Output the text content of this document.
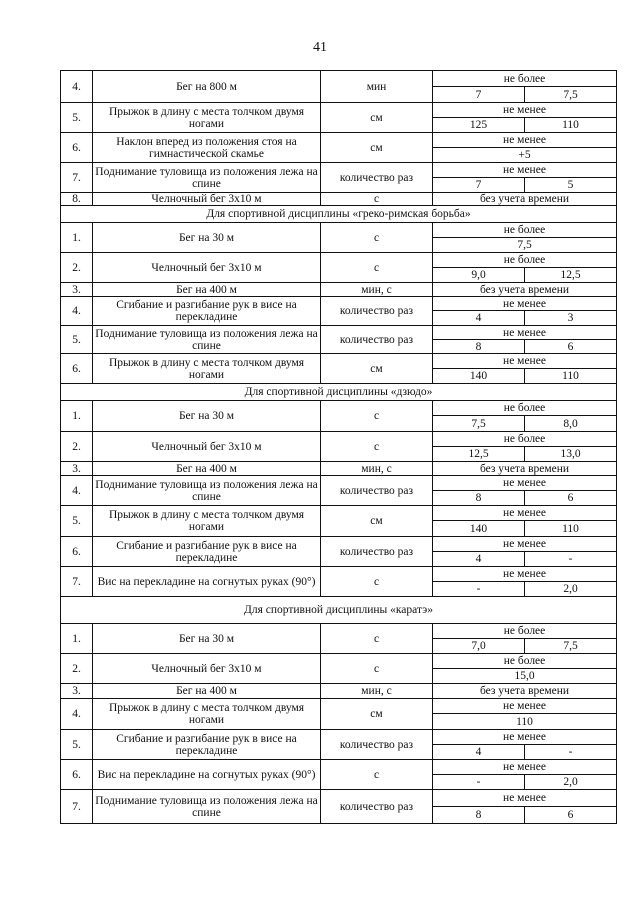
41
4.	Бег на 800 м	мин	не более	
			7	7,5
5.	Прыжок в длину с места толчком двумя ногами	см	не менее	
			125	110
6.	Наклон вперед из положения стоя на гимнастической скамье	см	не менее	
			+5	
7.	Поднимание туловища из положения лежа на спине	количество раз	не менее	
			7	5
8.	Челночный бег 3х10 м	с	без учета времени	
Для спортивной дисциплины «греко-римская борьба»				
1.	Бег на 30 м	с	не более	
			7,5	
2.	Челночный бег 3х10 м	с	не более	
			9,0	12,5
3.	Бег на 400 м	мин, с	без учета времени	
4.	Сгибание и разгибание рук в висе на перекладине	количество раз	не менее	
			4	3
5.	Поднимание туловища из положения лежа на спине	количество раз	не менее	
			8	6
6.	Прыжок в длину с места толчком двумя ногами	см	не менее	
			140	110
Для спортивной дисциплины «дзюдо»				
1.	Бег на 30 м	с	не более	
			7,5	8,0
2.	Челночный бег 3х10 м	с	не более	
			12,5	13,0
3.	Бег на 400 м	мин, с	без учета времени	
4.	Поднимание туловища из положения лежа на спине	количество раз	не менее	
			8	6
5.	Прыжок в длину с места толчком двумя ногами	см	не менее	
			140	110
6.	Сгибание и разгибание рук в висе на перекладине	количество раз	не менее	
			4	-
7.	Вис на перекладине на согнутых руках (90°)	с	не менее	
			-	2,0
Для спортивной дисциплины «каратэ»				
1.	Бег на 30 м	с	не более	
			7,0	7,5
2.	Челночный бег 3х10 м	с	не более	
			15,0	
3.	Бег на 400 м	мин, с	без учета времени	
4.	Прыжок в длину с места толчком двумя ногами	см	не менее	
			110	
5.	Сгибание и разгибание рук в висе на перекладине	количество раз	не менее	
			4	-
6.	Вис на перекладине на согнутых руках (90°)	с	не менее	
			-	2,0
7.	Поднимание туловища из положения лежа на спине	количество раз	не менее	
			8	6
